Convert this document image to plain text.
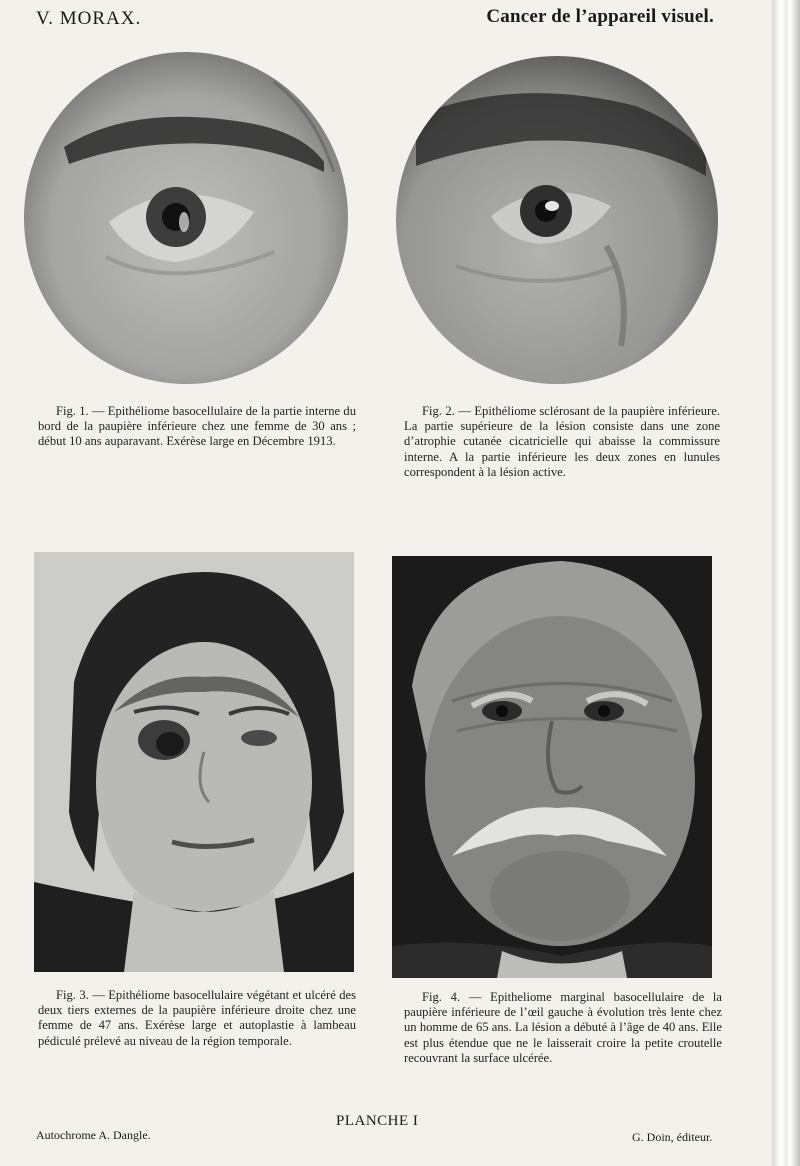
V. MORAX.	Cancer de l’appareil visuel.

Fig. 1. — Epithéliome basocellulaire de la partie interne du bord de la paupière inférieure chez une femme de 30 ans ; début 10 ans auparavant. Exérèse large en Décembre 1913.

Fig. 2. — Epithéliome sclérosant de la paupière inférieure. La partie supérieure de la lésion consiste dans une zone d’atrophie cutanée cicatricielle qui abaisse la commissure interne. A la partie inférieure les deux zones en lunules correspondent à la lésion active.

Fig. 3. — Epithéliome basocellulaire végétant et ulcéré des deux tiers externes de la paupière inférieure droite chez une femme de 47 ans. Exérèse large et autoplastie à lambeau pédiculé prélevé au niveau de la région temporale.

Fig. 4. — Epitheliome marginal basocellulaire de la paupière inférieure de l’œil gauche à évolution très lente chez un homme de 65 ans. La lésion a débuté à l’âge de 40 ans. Elle est plus étendue que ne le laisserait croire la petite croutelle recouvrant la surface ulcérée.

Autochrome A. Dangle.
PLANCHE I
G. Doin, éditeur.
